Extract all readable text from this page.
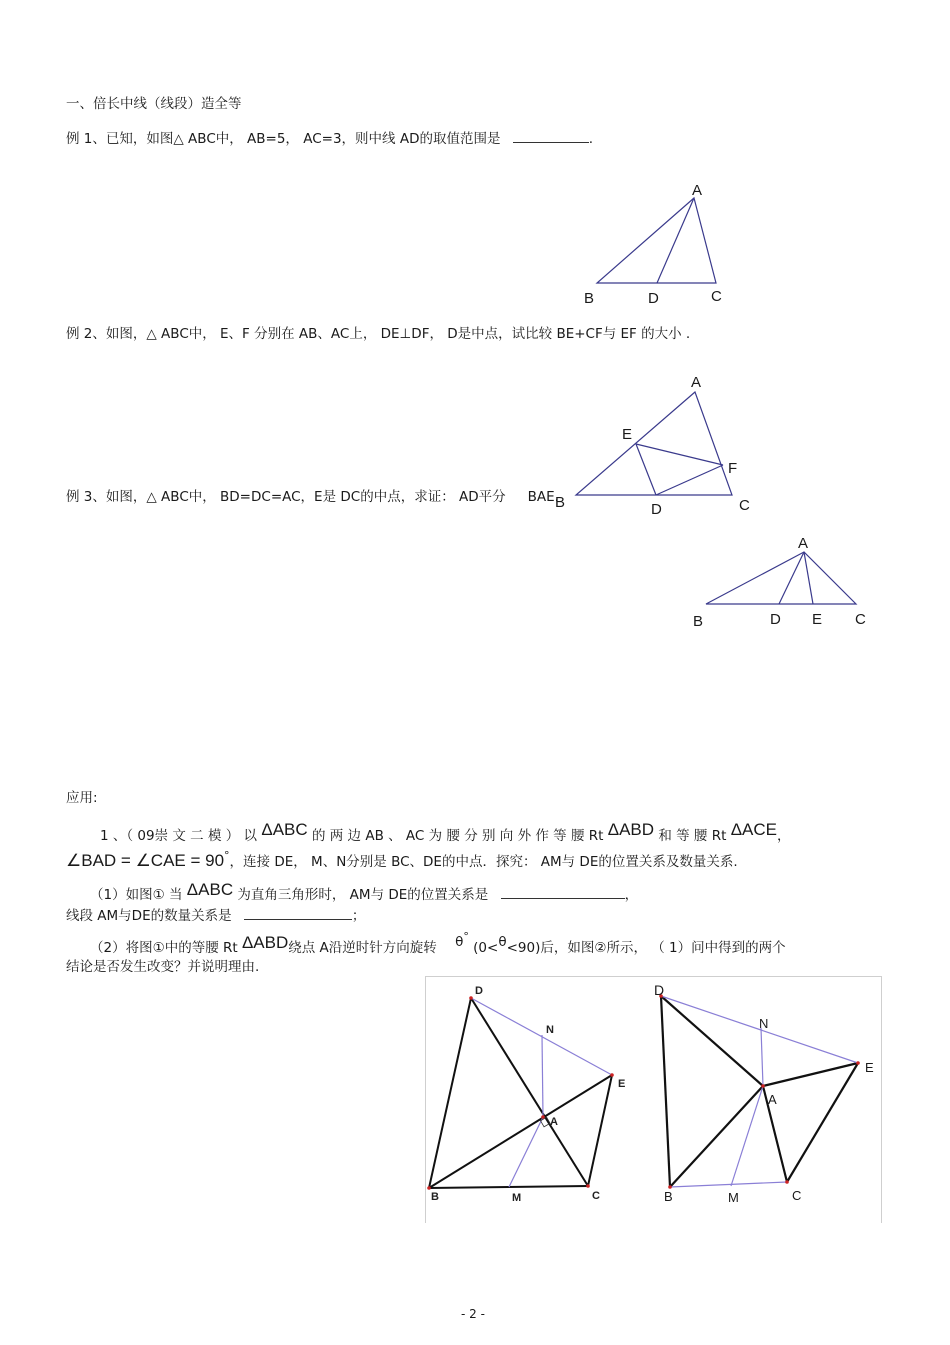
一、倍长中线（线段）造全等
例 1、已知，如图△ ABC中， AB=5， AC=3，则中线 AD的取值范围是	.
A
B	D	C
例 2、如图，△ ABC中， E、F 分别在 AB、AC上， DE⊥DF， D是中点，试比较 BE+CF与 EF 的大小 .
A
E
F
B	D	C
例 3、如图，△ ABC中， BD=DC=AC，E是 DC的中点，求证： AD平分 BAE.
A
B	D E C
应用:
1 、（ 09崇 文 二 模 ） 以 ΔABC 的 两 边 AB 、 AC 为 腰 分 别 向 外 作 等 腰 Rt ΔABD 和 等 腰 Rt ΔACE，
∠BAD = ∠CAE = 90°，连接 DE， M、N分别是 BC、DE的中点．探究： AM与 DE的位置关系及数量关系.
（1）如图① 当 ΔABC 为直角三角形时， AM与 DE的位置关系是	，
线段 AM与DE的数量关系是	；
（2）将图①中的等腰 Rt ΔABD绕点 A沿逆时针方向旋转 θ° (0<θ<90)后，如图②所示， （ 1）问中得到的两个
结论是否发生改变？并说明理由.
D
N
E
A
B	M	C
D
N
E
A
B	M	C
- 2 -
